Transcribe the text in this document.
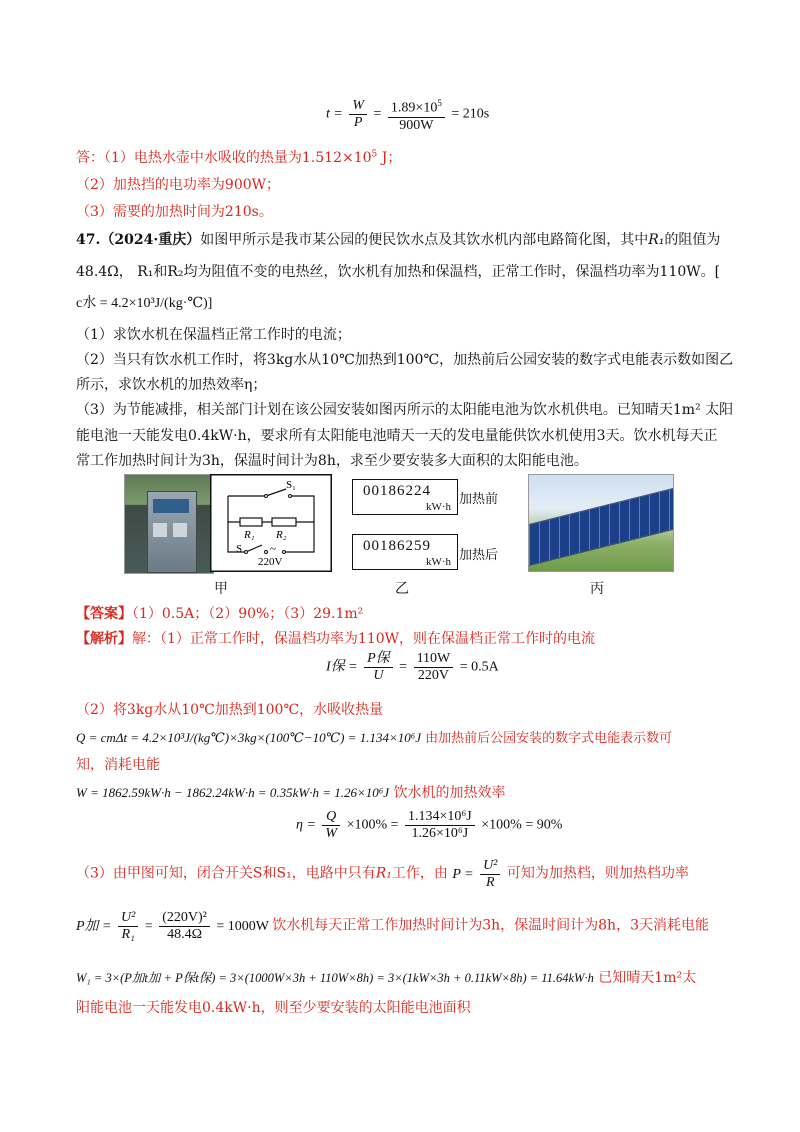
$t = \frac{W}{P} = \frac{1.89\times 10^5}{900W} = 210s$
答：（1）电热水壶中水吸收的热量为$1.512\times 10^5$ J；
（2）加热挡的电功率为900W；
（3）需要的加热时间为210s。
47.（2024·重庆）如图甲所示是我市某公园的便民饮水点及其饮水机内部电路简化图，其中R₁的阻值为
48.4Ω， R₁和R₂均为阻值不变的电热丝，饮水机有加热和保温档，正常工作时，保温档功率为110W。[
c水 = 4.2×10³J/(kg·℃)]
（1）求饮水机在保温档正常工作时的电流；
（2）当只有饮水机工作时，将3kg水从10℃加热到100℃，加热前后公园安装的数字式电能表示数如图乙
所示，求饮水机的加热效率η；
（3）为节能减排，相关部门计划在该公园安装如图丙所示的太阳能电池为饮水机供电。已知晴天1m² 太阳
能电池一天能发电0.4kW·h，要求所有太阳能电池晴天一天的发电量能供饮水机使用3天。饮水机每天正
常工作加热时间计为3h，保温时间计为8h，求至少要安装多大面积的太阳能电池。
S₁
R₁ R₂
S	~
220V
00186224
kW·h 加热前
00186259
kW·h 加热后
甲	乙	丙
【答案】（1）0.5A；（2）90%；（3）29.1m²
【解析】解：（1）正常工作时，保温档功率为110W，则在保温档正常工作时的电流
I保 = $\frac{\text{P保}}{U} = \frac{110W}{220V} = 0.5A$
（2）将3kg水从10℃加热到100℃，水吸收热量
Q = cmΔt = 4.2×10³J/(kg℃)×3kg×(100℃−10℃) = 1.134×10⁶J 由加热前后公园安装的数字式电能表示数可
知，消耗电能
W = 1862.59kW·h − 1862.24kW·h = 0.35kW·h = 1.26×10⁶J 饮水机的加热效率
$\eta = \frac{Q}{W} \times 100\% = \frac{\text{1.134×10⁶J}}{\text{1.26×10⁶J}} \times 100\% = 90\%$
（3）由甲图可知，闭合开关S和S₁，电路中只有R₁工作，由 $P = \frac{\text{U²}}{R}$ 可知为加热档，则加热档功率
P加 = $\frac{\text{U²}}{\text{R₁}} = \frac{\text{(220V)²}}{48.4\Omega} = 1000W$ 饮水机每天正常工作加热时间计为3h，保温时间计为8h，3天消耗电能
W₁ = 3×(P加t加 + P保t保) = 3×(1000W×3h + 110W×8h) = 3×(1kW×3h + 0.11kW×8h) = 11.64kW·h 已知晴天1m²太
阳能电池一天能发电0.4kW·h，则至少要安装的太阳能电池面积
